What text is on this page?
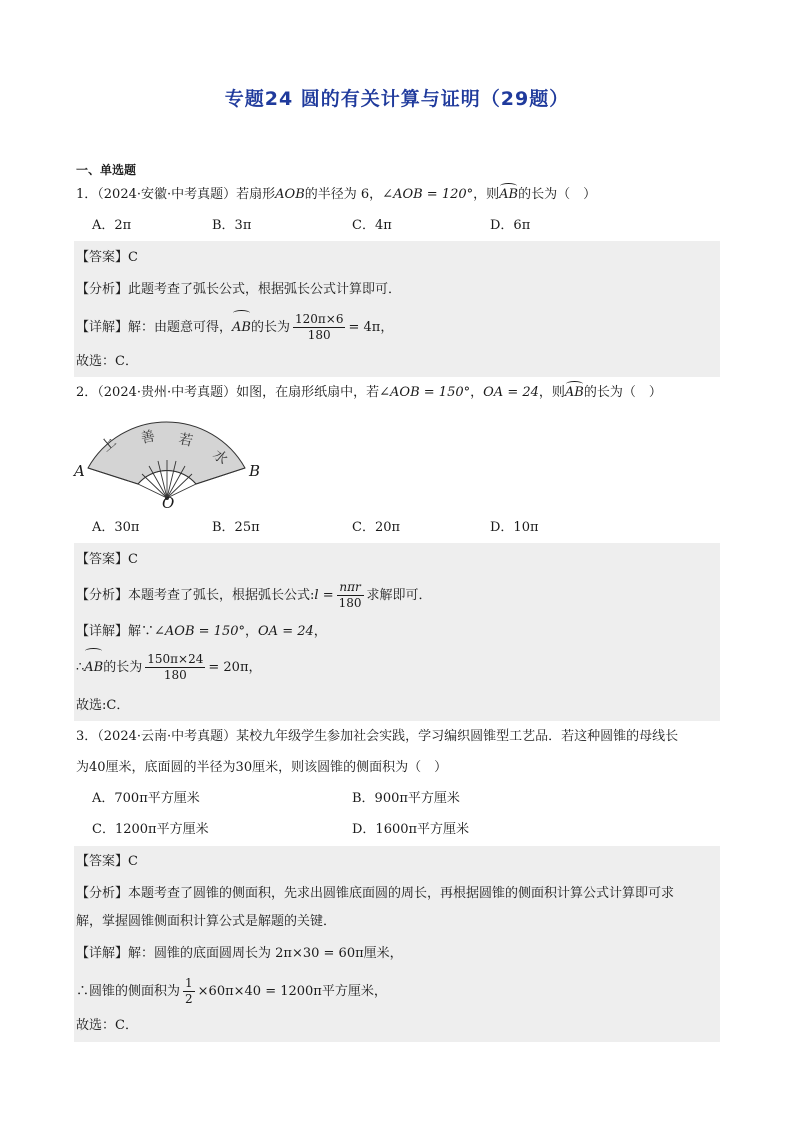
专题24 圆的有关计算与证明（29题）
一、单选题
1．（2024·安徽·中考真题）若扇形AOB的半径为 6，∠AOB = 120°，则AB的长为（　）
A．2π	B．3π	C．4π	D．6π
【答案】C
【分析】此题考查了弧长公式，根据弧长公式计算即可．
【详解】解：由题意可得，AB的长为 $\frac{120\pi\times 6}{180} = 4\pi$，
故选：C．
2．（2024·贵州·中考真题）如图，在扇形纸扇中，若∠AOB = 150°，OA = 24，则AB的长为（　）
上 善 若
水
A	B
O
A．30π	B．25π	C．20π	D．10π
【答案】C
【分析】本题考查了弧长，根据弧长公式:l = $\frac{\text{nπr}}{180}$ 求解即可．
【详解】解∵∠AOB = 150°，OA = 24，
∴AB的长为 $\frac{150\pi\times 24}{180} = 20\pi$，
故选:C．
3．（2024·云南·中考真题）某校九年级学生参加社会实践，学习编织圆锥型工艺品．若这种圆锥的母线长
为40厘米，底面圆的半径为30厘米，则该圆锥的侧面积为（　）
A．700π平方厘米	B．900π平方厘米
C．1200π平方厘米	D．1600π平方厘米
【答案】C
【分析】本题考查了圆锥的侧面积，先求出圆锥底面圆的周长，再根据圆锥的侧面积计算公式计算即可求
解，掌握圆锥侧面积计算公式是解题的关键．
【详解】解：圆锥的底面圆周长为 2π×30 = 60π厘米，
∴圆锥的侧面积为 $\frac{1}{2} \times 60\pi\times 40 = 1200\pi$平方厘米，
故选：C．
